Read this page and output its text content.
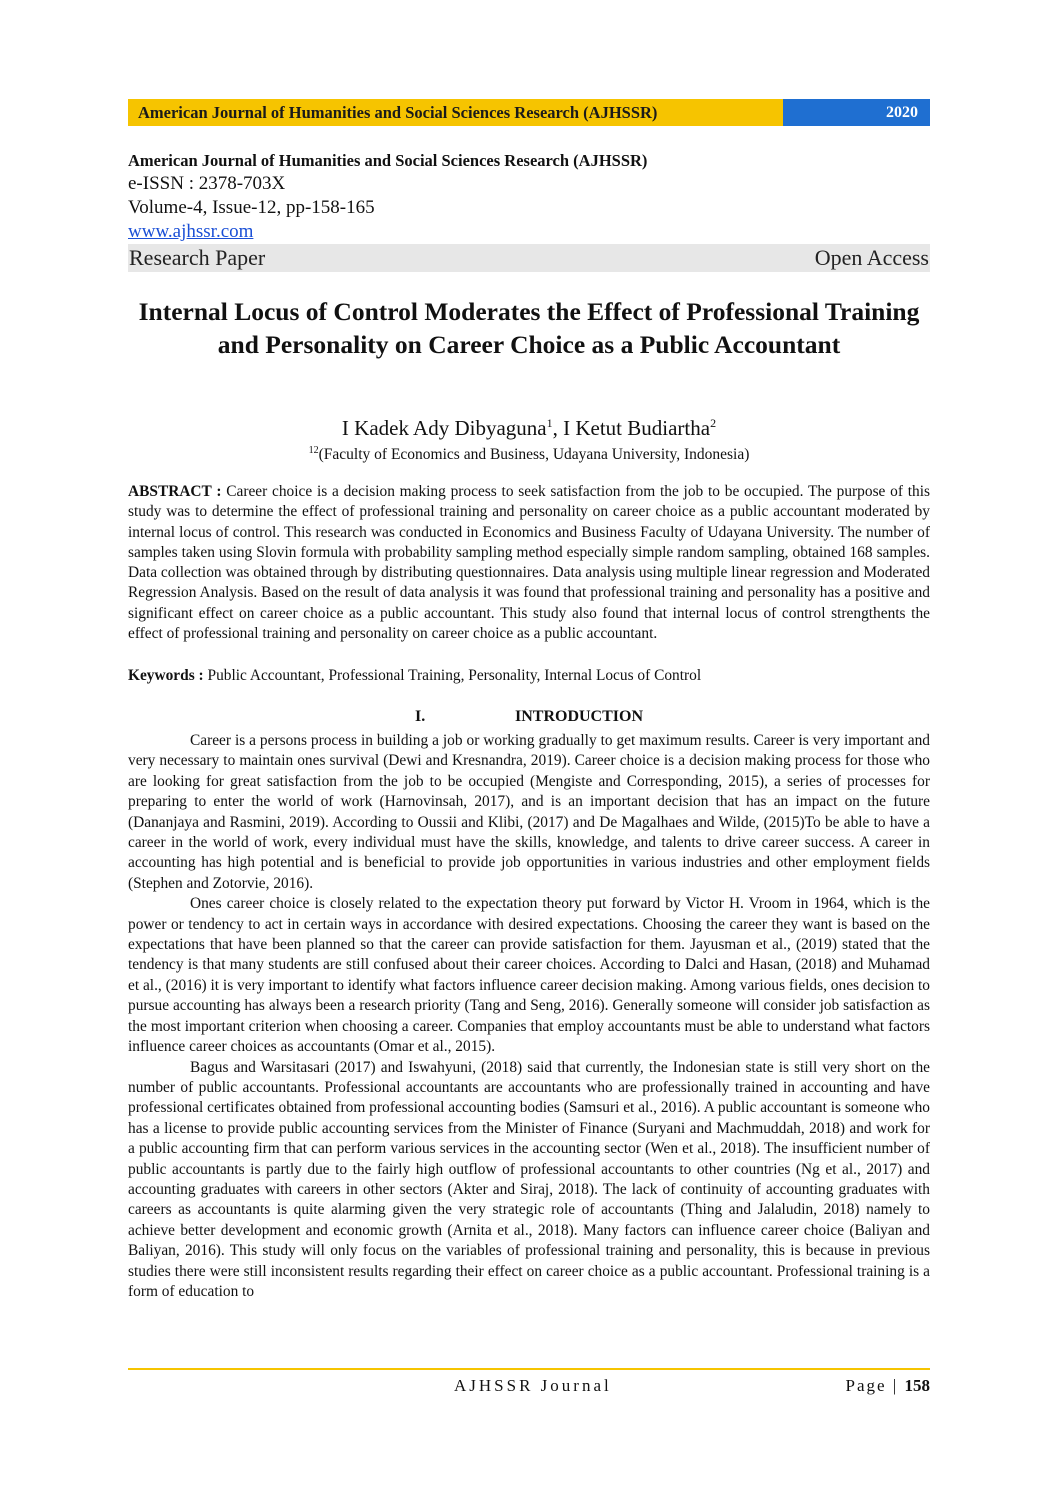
American Journal of Humanities and Social Sciences Research (AJHSSR)	2020
American Journal of Humanities and Social Sciences Research (AJHSSR)
e-ISSN : 2378-703X
Volume-4, Issue-12, pp-158-165
www.ajhssr.com
Research Paper	Open Access
Internal Locus of Control Moderates the Effect of Professional Training and Personality on Career Choice as a Public Accountant
I Kadek Ady Dibyaguna$^1$, I Ketut Budiartha$^2$
$^{12}$(Faculty of Economics and Business, Udayana University, Indonesia)
ABSTRACT : Career choice is a decision making process to seek satisfaction from the job to be occupied. The purpose of this study was to determine the effect of professional training and personality on career choice as a public accountant moderated by internal locus of control. This research was conducted in Economics and Business Faculty of Udayana University. The number of samples taken using Slovin formula with probability sampling method especially simple random sampling, obtained 168 samples. Data collection was obtained through by distributing questionnaires. Data analysis using multiple linear regression and Moderated Regression Analysis. Based on the result of data analysis it was found that professional training and personality has a positive and significant effect on career choice as a public accountant. This study also found that internal locus of control strengthents the effect of professional training and personality on career choice as a public accountant.
Keywords : Public Accountant, Professional Training, Personality, Internal Locus of Control
I.	INTRODUCTION

Career is a persons process in building a job or working gradually to get maximum results. Career is very important and very necessary to maintain ones survival (Dewi and Kresnandra, 2019). Career choice is a decision making process for those who are looking for great satisfaction from the job to be occupied (Mengiste and Corresponding, 2015), a series of processes for preparing to enter the world of work (Harnovinsah, 2017), and is an important decision that has an impact on the future (Dananjaya and Rasmini, 2019). According to Oussii and Klibi, (2017) and De Magalhaes and Wilde, (2015)To be able to have a career in the world of work, every individual must have the skills, knowledge, and talents to drive career success. A career in accounting has high potential and is beneficial to provide job opportunities in various industries and other employment fields (Stephen and Zotorvie, 2016).

Ones career choice is closely related to the expectation theory put forward by Victor H. Vroom in 1964, which is the power or tendency to act in certain ways in accordance with desired expectations. Choosing the career they want is based on the expectations that have been planned so that the career can provide satisfaction for them. Jayusman et al., (2019) stated that the tendency is that many students are still confused about their career choices. According to Dalci and Hasan, (2018) and Muhamad et al., (2016) it is very important to identify what factors influence career decision making. Among various fields, ones decision to pursue accounting has always been a research priority (Tang and Seng, 2016). Generally someone will consider job satisfaction as the most important criterion when choosing a career. Companies that employ accountants must be able to understand what factors influence career choices as accountants (Omar et al., 2015).

Bagus and Warsitasari (2017) and Iswahyuni, (2018) said that currently, the Indonesian state is still very short on the number of public accountants. Professional accountants are accountants who are professionally trained in accounting and have professional certificates obtained from professional accounting bodies (Samsuri et al., 2016). A public accountant is someone who has a license to provide public accounting services from the Minister of Finance (Suryani and Machmuddah, 2018) and work for a public accounting firm that can perform various services in the accounting sector (Wen et al., 2018). The insufficient number of public accountants is partly due to the fairly high outflow of professional accountants to other countries (Ng et al., 2017) and accounting graduates with careers in other sectors (Akter and Siraj, 2018). The lack of continuity of accounting graduates with careers as accountants is quite alarming given the very strategic role of accountants (Thing and Jalaludin, 2018) namely to achieve better development and economic growth (Arnita et al., 2018). Many factors can influence career choice (Baliyan and Baliyan, 2016). This study will only focus on the variables of professional training and personality, this is because in previous studies there were still inconsistent results regarding their effect on career choice as a public accountant. Professional training is a form of education to

AJHSSR Journal	Page | 158
